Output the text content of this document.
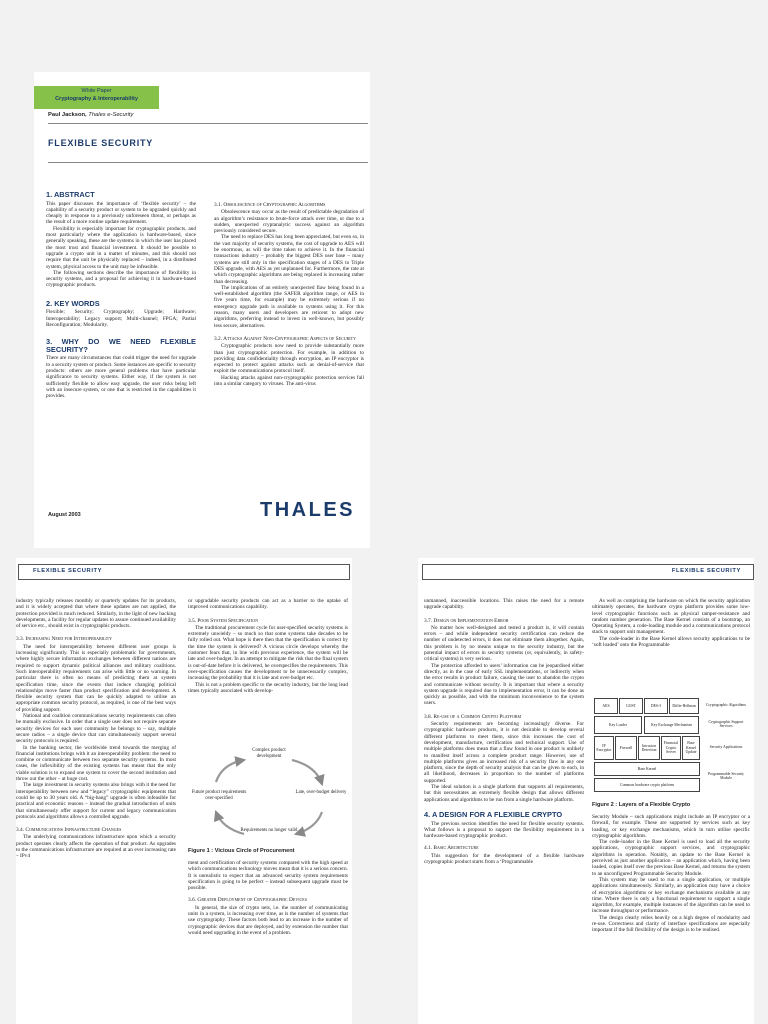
White Paper
Cryptography & Interoperability
Paul Jackson, Thales e-Security
FLEXIBLE SECURITY
1. ABSTRACT

This paper discusses the importance of ‘flexible security’ – the capability of a security product or system to be upgraded quickly and cheaply in response to a previously unforeseen threat, or perhaps as the result of a more routine update requirement.

Flexibility is especially important for cryptographic products, and most particularly where the application is hardware-based, since generally speaking, these are the systems in which the user has placed the most trust and financial investment. It should be possible to upgrade a crypto unit in a matter of minutes, and this should not require that the unit be physically replaced – indeed, in a distributed system, physical access to the unit may be infeasible.

The following sections describe the importance of flexibility in security systems, and a proposal for achieving it in hardware-based cryptographic products.

2. KEY WORDS

Flexible; Security; Cryptography; Upgrade; Hardware; Interoperability; Legacy support; Multi-channel; FPGA; Partial Reconfiguration; Modularity.

3. WHY DO WE NEED FLEXIBLE SECURITY?

There are many circumstances that could trigger the need for upgrade to a security system or product. Some instances are specific to security products: others are more general problems that have particular significance to security systems. Either way, if the system is not sufficiently flexible to allow easy upgrade, the user risks being left with an insecure system, or one that is restricted in the capabilities it provides.

3.1. Obsolescence of Cryptographic Algorithms

Obsolescence may occur as the result of predictable degradation of an algorithm’s resistance to brute-force attack over time, or due to a sudden, unexpected cryptanalytic success against an algorithm previously considered secure.

The need to replace DES has long been appreciated, but even so, in the vast majority of security systems, the cost of upgrade to AES will be enormous, as will the time taken to achieve it. In the financial transactions industry – probably the biggest DES user base – many systems are still only in the specification stages of a DES to Triple DES upgrade, with AES as yet unplanned for. Furthermore, the rate at which cryptographic algorithms are being replaced is increasing rather than decreasing.

The implications of an entirely unexpected flaw being found in a well-established algorithm (the SAFER algorithm range, or AES in five years time, for example) may be extremely serious if no emergency upgrade path is available to systems using it. For this reason, many users and developers are reticent to adopt new algorithms, preferring instead to invest in well-known, but possibly less secure, alternatives.

3.2. Attacks Against Non-Cryptographic Aspects of Security

Cryptographic products now need to provide substantially more than just cryptographic protection. For example, in addition to providing data confidentiality through encryption, an IP encryptor is expected to protect against attacks such as denial-of-service that exploit the communications protocol itself.

Hacking attacks against non-cryptographic protection services fall into a similar category to viruses. The anti-virus

August 2003	THALES
FLEXIBLE SECURITY

industry typically releases monthly or quarterly updates for its products, and it is widely accepted that where these updates are not applied, the protection provided is much reduced. Similarly, in the light of new hacking developments, a facility for regular updates to assure continued availability of service etc., should exist in cryptographic products.

3.3. Increasing Need for Interoperability

The need for interoperability between different user groups is increasing significantly. This is especially problematic for governments, where highly secure information exchanges between different nations are required to support dynamic political alliances and military coalitions. Such interoperability requirements can arise with little or no warning. In particular there is often no means of predicting them at system specification time, since the events that induce changing political relationships move faster than product specification and development. A flexible security system that can be quickly adapted to utilise an appropriate common security protocol, as required, is one of the best ways of providing support.

National and coalition communications security requirements can often be mutually exclusive. In order that a single user does not require separate security devices for each user community he belongs to – say, multiple secure radios – a single device that can simultaneously support several security protocols is required.

In the banking sector, the worldwide trend towards the merging of financial institutions brings with it an interoperability problem: the need to combine or communicate between two separate security systems. In most cases, the inflexibility of the existing systems has meant that the only viable solution is to expand one system to cover the second institution and throw out the other – at huge cost.

The large investment in security systems also brings with it the need for interoperability between new and “legacy” cryptographic equipments that could be up to 30 years old. A “big-bang” upgrade is often infeasible for practical and economic reasons – instead the gradual introduction of units that simultaneously offer support for current and legacy communication protocols and algorithms allows a controlled upgrade.

3.4. Communications Infrastructure Changes

The underlying communications infrastructure upon which a security product operates clearly affects the operation of that product. As upgrades to the communications infrastructure are required at an ever increasing rate – IPv4

or upgradable security products can act as a barrier to the uptake of improved communications capability.

3.5. Poor System Specification

The traditional procurement cycle for user-specified security systems is extremely unwieldy – so much so that some systems take decades to be fully rolled out. What hope is there then that the specification is correct by the time the system is delivered? A vicious circle develops whereby the customer fears that, in line with previous experience, the system will be late and over-budget. In an attempt to mitigate the risk that the final system is out-of-date before it is delivered, he overspecifies the requirements. This over-specification causes the development to be unnecessarily complex, increasing the probability that it is late and over-budget etc.

This is not a problem specific to the security industry, but the long lead times typically associated with develop-

Complex product development
Future product requirements over-specified
Late, over-budget delivery
Requirements no longer valid
Figure 1 : Vicious Circle of Procurement

ment and certification of security systems compared with the high speed at which communications technology moves mean that it is a serious concern. It is unrealistic to expect that an advanced security system requirements specification is going to be perfect – instead subsequent upgrade must be possible.

3.6. Greater Deployment of Cryptographic Devices

In general, the size of crypto nets, i.e. the number of communicating units in a system, is increasing over time, as is the number of systems that use cryptography. These factors both lead to an increase in the number of cryptographic devices that are deployed, and by extension the number that would need upgrading in the event of a problem.

FLEXIBLE SECURITY

unmanned, inaccessible locations. This raises the need for a remote upgrade capability.

3.7. Design or Implementation Error

No matter how well-designed and tested a product is, it will contain errors – and while independent security certification can reduce the number of undetected errors, it does not eliminate them altogether. Again, this problem is by no means unique to the security industry, but the potential impact of errors in security systems (or, equivalently, in safety-critical systems) is very serious.

The protection afforded to users’ information can be jeopardised either directly, as in the case of early SSL implementations, or indirectly when the error results in product failure, causing the user to abandon the crypto and communicate without security. It is important that where a security system upgrade is required due to implementation error, it can be done as quickly as possible, and with the minimum inconvenience to the system users.

3.8. Re-use of a Common Crypto Platform

Security requirements are becoming increasingly diverse. For cryptographic hardware products, it is not desirable to develop several different platforms to meet them, since this increases the cost of development, manufacture, certification and technical support. Use of multiple platforms does mean that a flaw found in one product is unlikely to manifest itself across a complete product range. However, use of multiple platforms gives an increased risk of a security flaw in any one platform, since the depth of security analysis that can be given to each, in all likelihood, decreases in proportion to the number of platforms supported.

The ideal solution is a single platform that supports all requirements, but this necessitates an extremely flexible design that allows different applications and algorithms to be run from a single hardware platform.

4. A DESIGN FOR A FLEXIBLE CRYPTO

The previous section identifies the need for flexible security systems. What follows is a proposal to support the flexibility requirement in a hardware-based cryptographic product.

4.1. Basic Architecture

This suggestion for the development of a flexible hardware cryptographic product starts from a ‘Programmable

As well as comprising the hardware on which the security application ultimately operates, the hardware crypto platform provides some low-level cryptographic functions such as physical tamper-resistance and random number generation. The Base Kernel consists of a bootstrap, an Operating System, a code-loading module and a communications protocol stack to support unit management.

The code-loader in the Base Kernel allows security applications to be ‘soft loaded’ onto the Programmable

AES	GOST	DES-3	Diffie-Hellman	Cryptographic Algorithms
Key Loader	Key Exchange Mechanism
Cryptographic Support Services
IP Encryptor
Firewall
Intrusion Detection
Financial Crypto Server
Base Kernel Update
Security Applications
Base Kernel
Common hardware crypto platform
Programmable Security Module
Figure 2 : Layers of a Flexible Crypto

Security Module – such applications might include an IP encryptor or a firewall, for example. These are supported by services such as key loading, or key exchange mechanisms, which in turn utilise specific cryptographic algorithms.

The code-loader in the Base Kernel is used to load all the security applications, cryptographic support services, and cryptographic algorithms in operation. Notably, an update to the Base Kernel is perceived as just another application – an application which, having been loaded, copies itself over the previous Base Kernel, and returns the system to an unconfigured Programmable Security Module.

This system may be used to run a single application, or multiple applications simultaneously. Similarly, an application may have a choice of encryption algorithms or key exchange mechanisms available at any time. Where there is only a functional requirement to support a single algorithm, for example, multiple instances of the algorithm can be used to increase throughput or performance.

The design clearly relies heavily on a high degree of modularity and re-use. Correctness and clarity of interface specifications are especially important if the full flexibility of the design is to be realised.
